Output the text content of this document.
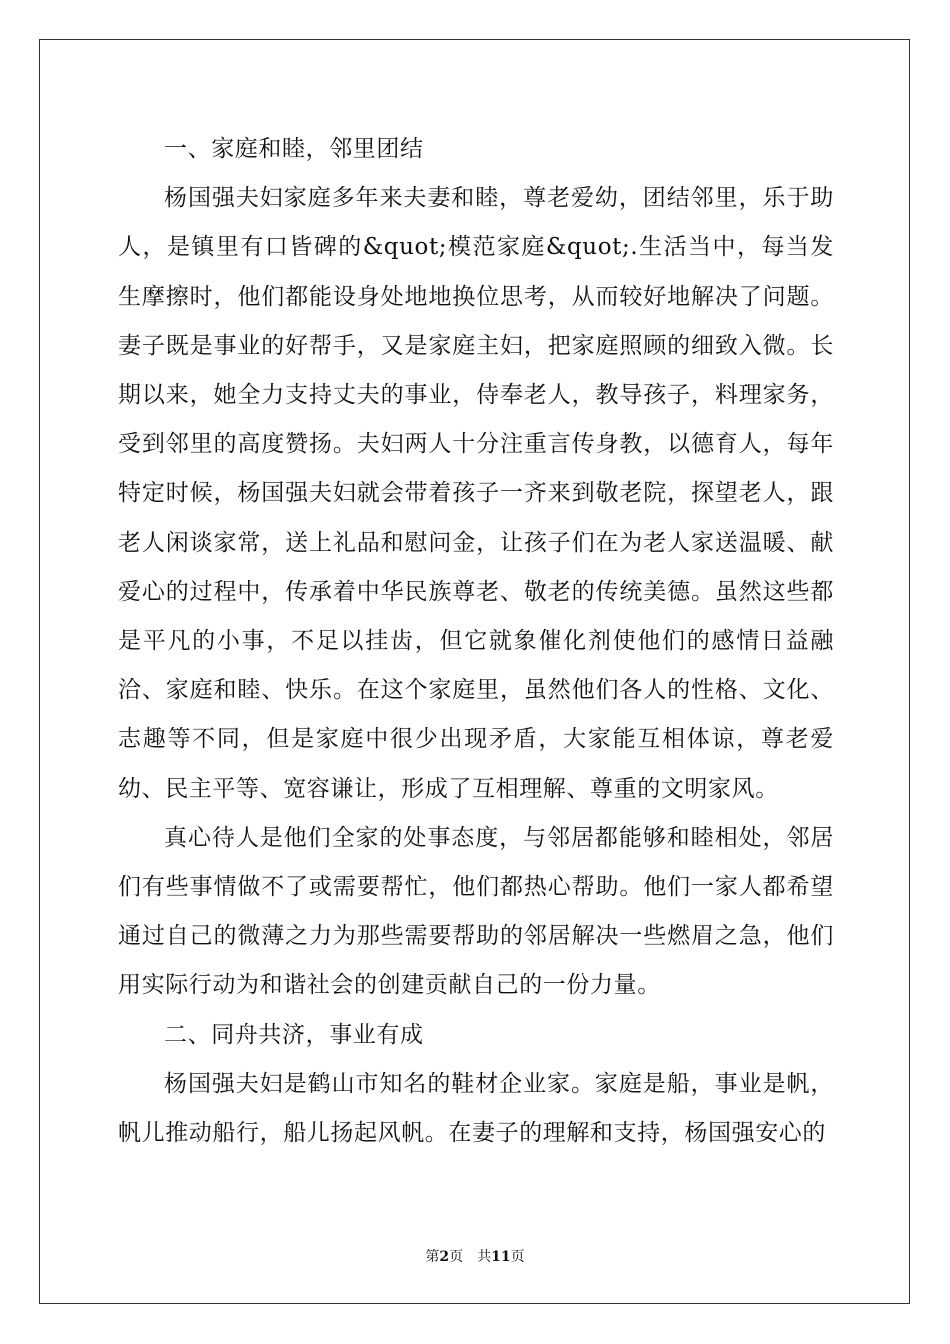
一、家庭和睦，邻里团结

杨国强夫妇家庭多年来夫妻和睦，尊老爱幼，团结邻里，乐于助人，是镇里有口皆碑的&quot;模范家庭&quot;.生活当中，每当发生摩擦时，他们都能设身处地地换位思考，从而较好地解决了问题。妻子既是事业的好帮手，又是家庭主妇，把家庭照顾的细致入微。长期以来，她全力支持丈夫的事业，侍奉老人，教导孩子，料理家务，受到邻里的高度赞扬。夫妇两人十分注重言传身教，以德育人，每年特定时候，杨国强夫妇就会带着孩子一齐来到敬老院，探望老人，跟老人闲谈家常，送上礼品和慰问金，让孩子们在为老人家送温暖、献爱心的过程中，传承着中华民族尊老、敬老的传统美德。虽然这些都是平凡的小事，不足以挂齿，但它就象催化剂使他们的感情日益融洽、家庭和睦、快乐。在这个家庭里，虽然他们各人的性格、文化、志趣等不同，但是家庭中很少出现矛盾，大家能互相体谅，尊老爱幼、民主平等、宽容谦让，形成了互相理解、尊重的文明家风。

真心待人是他们全家的处事态度，与邻居都能够和睦相处，邻居们有些事情做不了或需要帮忙，他们都热心帮助。他们一家人都希望通过自己的微薄之力为那些需要帮助的邻居解决一些燃眉之急，他们用实际行动为和谐社会的创建贡献自己的一份力量。

二、同舟共济，事业有成

杨国强夫妇是鹤山市知名的鞋材企业家。家庭是船，事业是帆，帆儿推动船行，船儿扬起风帆。在妻子的理解和支持，杨国强安心的

第2页 共11页
